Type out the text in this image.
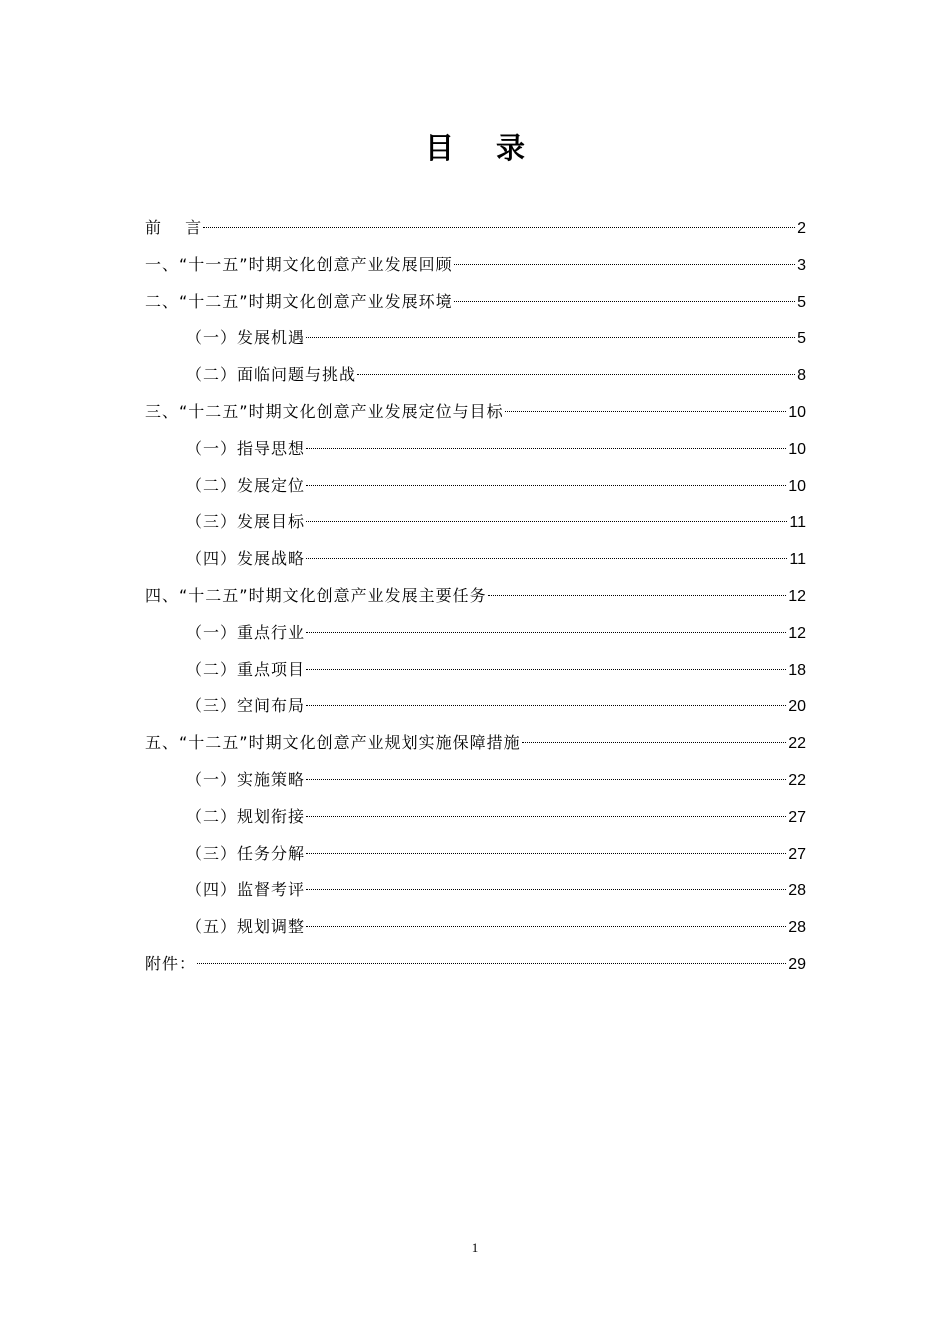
目 录
前　 言	2
一、“十一五”时期文化创意产业发展回顾	3
二、“十二五”时期文化创意产业发展环境	5
（一）发展机遇	5
（二）面临问题与挑战	8
三、“十二五”时期文化创意产业发展定位与目标	10
（一）指导思想	10
（二）发展定位	10
（三）发展目标	11
（四）发展战略	11
四、“十二五”时期文化创意产业发展主要任务	12
（一）重点行业	12
（二）重点项目	18
（三）空间布局	20
五、“十二五”时期文化创意产业规划实施保障措施	22
（一）实施策略	22
（二）规划衔接	27
（三）任务分解	27
（四）监督考评	28
（五）规划调整	28
附件：	29
1
